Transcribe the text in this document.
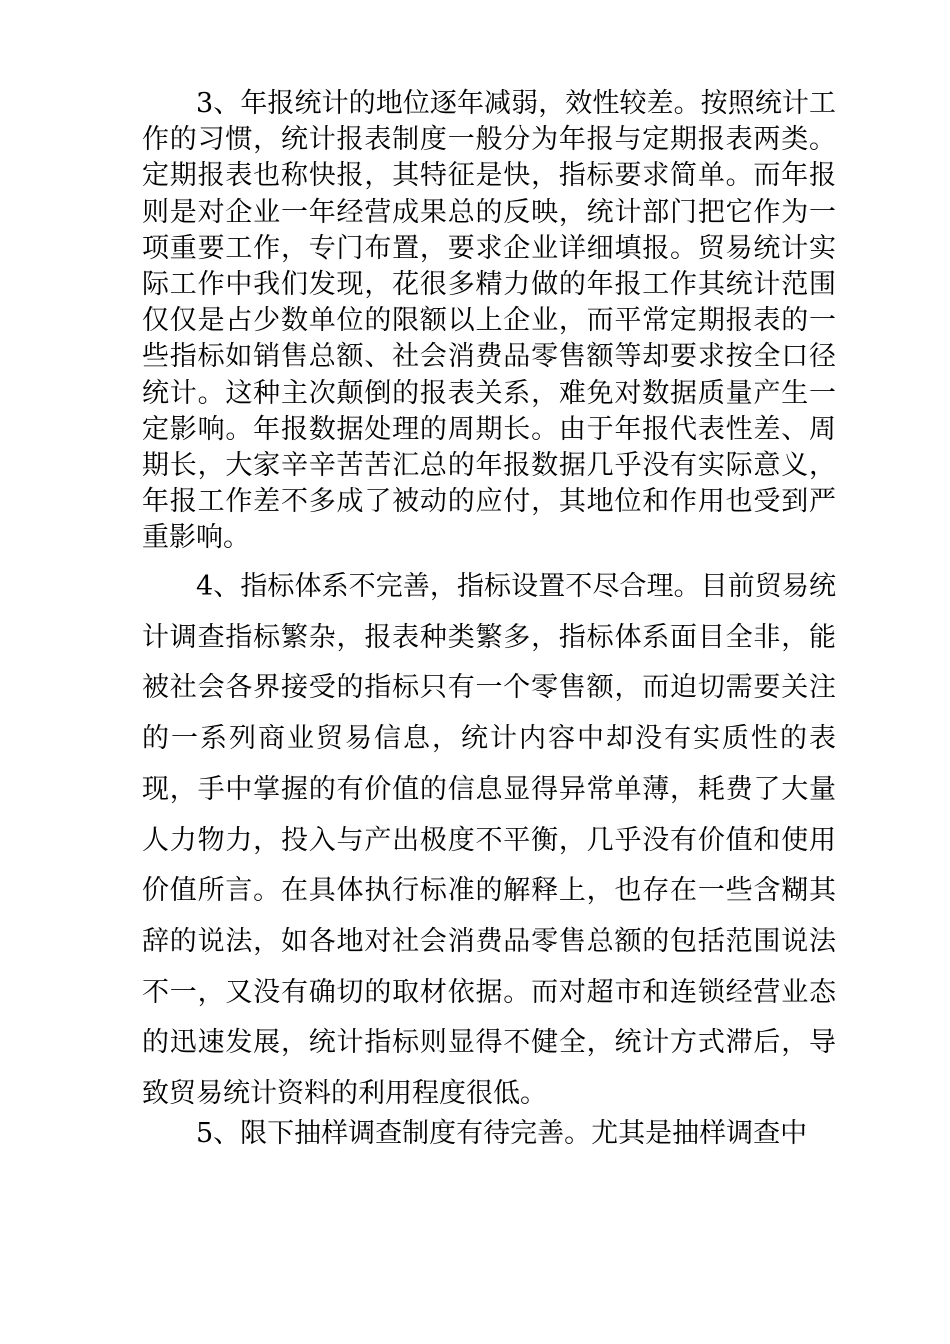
3、年报统计的地位逐年减弱，效性较差。按照统计工作的习惯，统计报表制度一般分为年报与定期报表两类。定期报表也称快报，其特征是快，指标要求简单。而年报则是对企业一年经营成果总的反映，统计部门把它作为一项重要工作，专门布置，要求企业详细填报。贸易统计实际工作中我们发现，花很多精力做的年报工作其统计范围仅仅是占少数单位的限额以上企业，而平常定期报表的一些指标如销售总额、社会消费品零售额等却要求按全口径统计。这种主次颠倒的报表关系，难免对数据质量产生一定影响。年报数据处理的周期长。由于年报代表性差、周期长，大家辛辛苦苦汇总的年报数据几乎没有实际意义，年报工作差不多成了被动的应付，其地位和作用也受到严重影响。

4、指标体系不完善，指标设置不尽合理。目前贸易统计调查指标繁杂，报表种类繁多，指标体系面目全非，能被社会各界接受的指标只有一个零售额，而迫切需要关注的一系列商业贸易信息，统计内容中却没有实质性的表现，手中掌握的有价值的信息显得异常单薄，耗费了大量人力物力，投入与产出极度不平衡，几乎没有价值和使用价值所言。在具体执行标准的解释上，也存在一些含糊其辞的说法，如各地对社会消费品零售总额的包括范围说法不一，又没有确切的取材依据。而对超市和连锁经营业态的迅速发展，统计指标则显得不健全，统计方式滞后，导致贸易统计资料的利用程度很低。

5、限下抽样调查制度有待完善。尤其是抽样调查中
